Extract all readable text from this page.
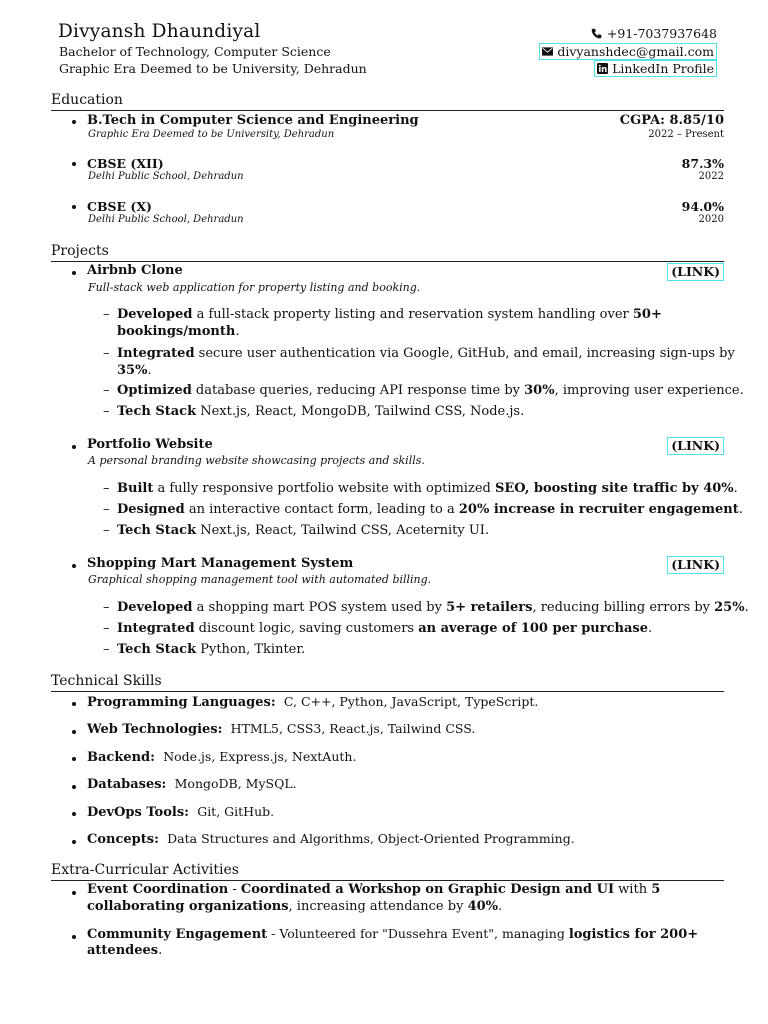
Divyansh Dhaundiyal
Bachelor of Technology, Computer Science
Graphic Era Deemed to be University, Dehradun
+91-7037937648
divyanshdec@gmail.com
LinkedIn Profile
Education
B.Tech in Computer Science and Engineering
Graphic Era Deemed to be University, Dehradun
CGPA: 8.85/10
2022 – Present
CBSE (XII)
Delhi Public School, Dehradun
87.3%
2022
CBSE (X)
Delhi Public School, Dehradun
94.0%
2020
Projects
Airbnb Clone	(LINK)
Full-stack web application for property listing and booking.
– Developed a full-stack property listing and reservation system handling over 50+
bookings/month.
– Integrated secure user authentication via Google, GitHub, and email, increasing sign-ups by
35%.
– Optimized database queries, reducing API response time by 30%, improving user experience.
– Tech Stack Next.js, React, MongoDB, Tailwind CSS, Node.js.
Portfolio Website	(LINK)
A personal branding website showcasing projects and skills.
– Built a fully responsive portfolio website with optimized SEO, boosting site traffic by 40%.
– Designed an interactive contact form, leading to a 20% increase in recruiter engagement.
– Tech Stack Next.js, React, Tailwind CSS, Aceternity UI.
Shopping Mart Management System	(LINK)
Graphical shopping management tool with automated billing.
– Developed a shopping mart POS system used by 5+ retailers, reducing billing errors by 25%.
– Integrated discount logic, saving customers an average of 100 per purchase.
– Tech Stack Python, Tkinter.
Technical Skills
Programming Languages: C, C++, Python, JavaScript, TypeScript.
Web Technologies: HTML5, CSS3, React.js, Tailwind CSS.
Backend: Node.js, Express.js, NextAuth.
Databases: MongoDB, MySQL.
DevOps Tools: Git, GitHub.
Concepts: Data Structures and Algorithms, Object-Oriented Programming.
Extra-Curricular Activities
Event Coordination - Coordinated a Workshop on Graphic Design and UI with 5
collaborating organizations, increasing attendance by 40%.
Community Engagement - Volunteered for "Dussehra Event", managing logistics for 200+
attendees.
